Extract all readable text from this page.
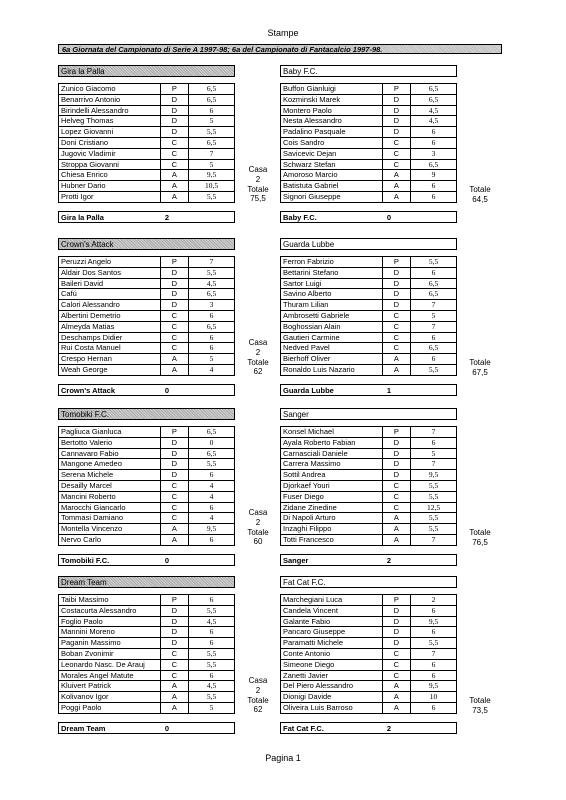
Stampe
6a Giornata del Campionato di Serie A 1997-98; 6a del Campionato di Fantacalcio 1997-98.
Gira la Palla
Zunico Giacomo	P	6,5
Benarrivo Antonio	D	6,5
Birindelli Alessandro	D	6
Helveg Thomas	D	5
Lopez Giovanni	D	5,5
Doni Cristiano	C	6,5
Jugovic Vladimir	C	7
Stroppa Giovanni	C	5
Chiesa Enrico	A	9,5
Hubner Dario	A	10,5
Protti Igor	A	5,5
Gira la Palla	2
Baby F.C.
Buffon Gianluigi	P	6,5
Kozminski Marek	D	6,5
Montero Paolo	D	4,5
Nesta Alessandro	D	4,5
Padalino Pasquale	D	6
Cois Sandro	C	6
Savicevic Dejan	C	3
Schwarz Stefan	C	6,5
Amoroso Marcio	A	9
Batistuta Gabriel	A	6
Signori Giuseppe	A	6
Baby F.C.	0
Casa
2
Totale
75,5
Totale
64,5
Crown's Attack
Peruzzi Angelo	P	7
Aldair Dos Santos	D	5,5
Baileri David	D	4,5
Cafú	D	6,5
Calori Alessandro	D	3
Albertini Demetrio	C	6
Almeyda Matias	C	6,5
Deschamps Didier	C	6
Rui Costa Manuel	C	6
Crespo Hernan	A	5
Weah George	A	4
Crown's Attack	0
Guarda Lubbe
Ferron Fabrizio	P	5,5
Bettarini Stefano	D	6
Sartor Luigi	D	6,5
Savino Alberto	D	6,5
Thuram Lilian	D	7
Ambrosetti Gabriele	C	5
Boghossian Alain	C	7
Gautieri Carmine	C	6
Nedved Pavel	C	6,5
Bierhoff Oliver	A	6
Ronaldo Luis Nazario	A	5,5
Guarda Lubbe	1
Casa
2
Totale
62
Totale
67,5
Tomobiki F.C.
Pagliuca Gianluca	P	6,5
Bertotto Valerio	D	0
Cannavaro Fabio	D	6,5
Mangone Amedeo	D	5,5
Serena Michele	D	6
Desailly Marcel	C	4
Mancini Roberto	C	4
Marocchi Giancarlo	C	6
Tommasi Damiano	C	4
Montella Vincenzo	A	9,5
Nervo Carlo	A	6
Tomobiki F.C.	0
Sanger
Konsel Michael	P	7
Ayala Roberto Fabian	D	6
Carnasciali Daniele	D	5
Carrera Massimo	D	7
Sottil Andrea	D	9,5
Djorkaef Youri	C	5,5
Fuser Diego	C	5,5
Zidane Zinedine	C	12,5
Di Napoli Arturo	A	5,5
Inzaghi Filippo	A	5,5
Totti Francesco	A	7
Sanger	2
Casa
2
Totale
60
Totale
76,5
Dream Team
Taibi Massimo	P	6
Costacurta Alessandro	D	5,5
Foglio Paolo	D	4,5
Mannini Moreno	D	6
Paganin Massimo	D	6
Boban Zvonimir	C	5,5
Leonardo Nasc. De Arauj	C	5,5
Morales Angel Matute	C	6
Kluivert Patrick	A	4,5
Kolivanov Igor	A	5,5
Poggi Paolo	A	5
Dream Team	0
Fat Cat F.C.
Marchegiani Luca	P	2
Candela Vincent	D	6
Galante Fabio	D	9,5
Pancaro Giuseppe	D	6
Paramatti Michele	D	5,5
Conte Antonio	C	7
Simeone Diego	C	6
Zanetti Javier	C	6
Del Piero Alessandro	A	9,5
Dionigi Davide	A	10
Oliveira Luis Barroso	A	6
Fat Cat F.C.	2
Casa
2
Totale
62
Totale
73,5
Pagina 1
